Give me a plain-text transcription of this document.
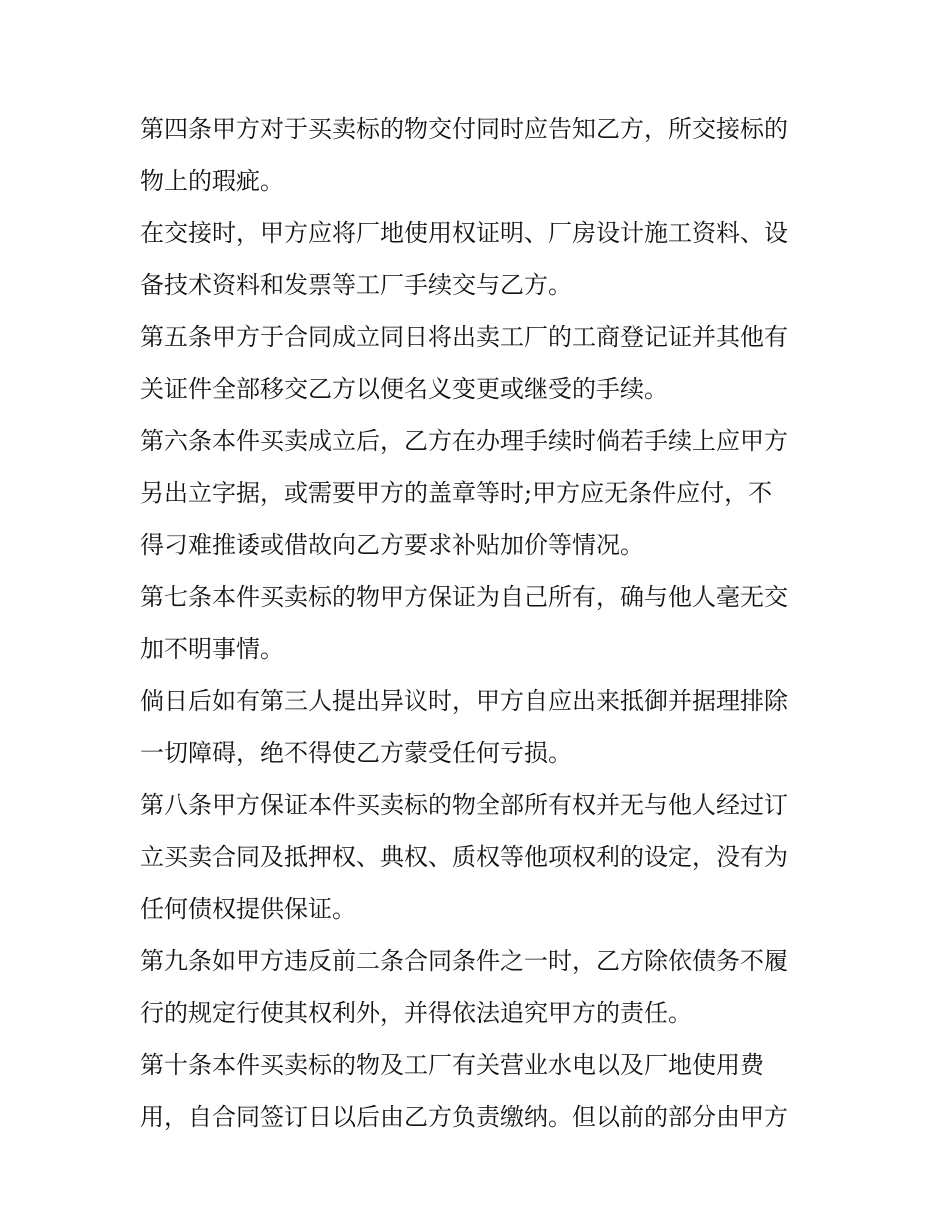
第四条甲方对于买卖标的物交付同时应告知乙方，所交接标的

物上的瑕疵。

在交接时，甲方应将厂地使用权证明、厂房设计施工资料、设

备技术资料和发票等工厂手续交与乙方。

第五条甲方于合同成立同日将出卖工厂的工商登记证并其他有

关证件全部移交乙方以便名义变更或继受的手续。

第六条本件买卖成立后，乙方在办理手续时倘若手续上应甲方

另出立字据，或需要甲方的盖章等时;甲方应无条件应付，不

得刁难推诿或借故向乙方要求补贴加价等情况。

第七条本件买卖标的物甲方保证为自己所有，确与他人毫无交

加不明事情。

倘日后如有第三人提出异议时，甲方自应出来抵御并据理排除

一切障碍，绝不得使乙方蒙受任何亏损。

第八条甲方保证本件买卖标的物全部所有权并无与他人经过订

立买卖合同及抵押权、典权、质权等他项权利的设定，没有为

任何债权提供保证。

第九条如甲方违反前二条合同条件之一时，乙方除依债务不履

行的规定行使其权利外，并得依法追究甲方的责任。

第十条本件买卖标的物及工厂有关营业水电以及厂地使用费

用，自合同签订日以后由乙方负责缴纳。但以前的部分由甲方
